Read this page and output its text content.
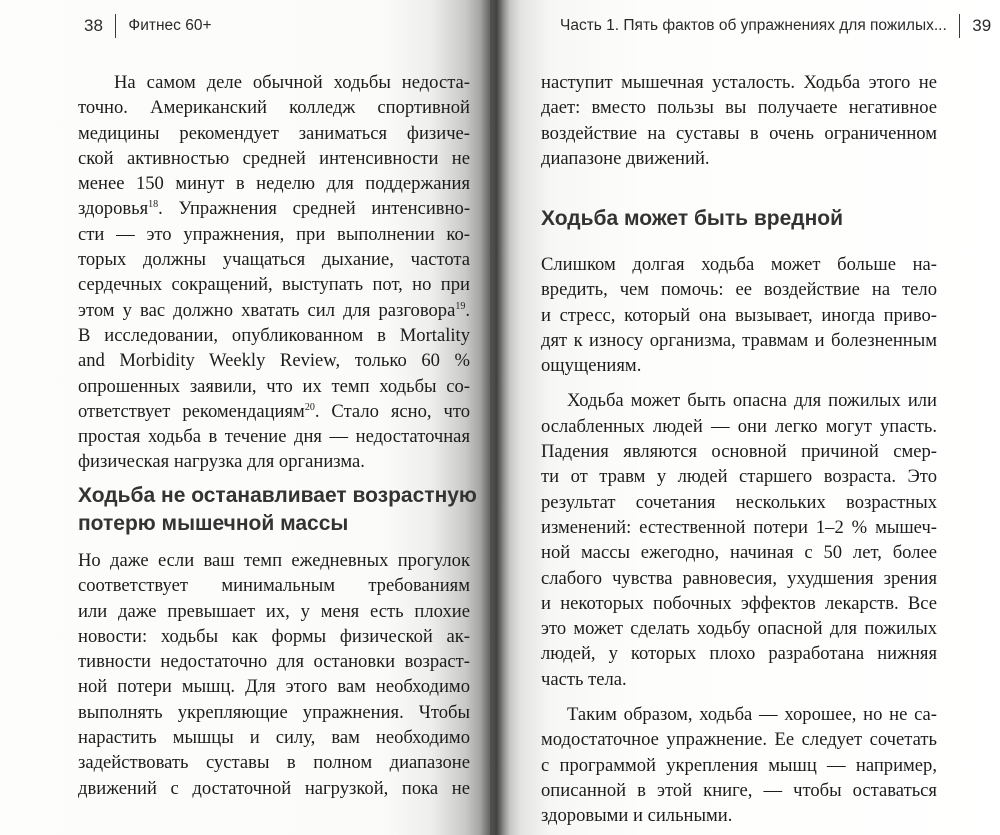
38 Фитнес 60+	Часть 1. Пять фактов об упражнениях для пожилых... 39
На самом деле обычной ходьбы недоста-
точно. Американский колледж спортивной
медицины рекомендует заниматься физиче-
ской активностью средней интенсивности не
менее 150 минут в неделю для поддержания
здоровья$^{18}$. Упражнения средней интенсивно-
сти — это упражнения, при выполнении ко-
торых должны учащаться дыхание, частота
сердечных сокращений, выступать пот, но при
этом у вас должно хватать сил для разговора$^{19}$.
В исследовании, опубликованном в Mortality
and Morbidity Weekly Review, только 60 %
опрошенных заявили, что их темп ходьбы со-
ответствует рекомендациям$^{20}$. Стало ясно, что
простая ходьба в течение дня — недостаточная
физическая нагрузка для организма.
Ходьба не останавливает возрастную
потерю мышечной массы
Но даже если ваш темп ежедневных прогулок
соответствует минимальным требованиям
или даже превышает их, у меня есть плохие
новости: ходьбы как формы физической ак-
тивности недостаточно для остановки возраст-
ной потери мышц. Для этого вам необходимо
выполнять укрепляющие упражнения. Чтобы
нарастить мышцы и силу, вам необходимо
задействовать суставы в полном диапазоне
движений с достаточной нагрузкой, пока не
наступит мышечная усталость. Ходьба этого не
дает: вместо пользы вы получаете негативное
воздействие на суставы в очень ограниченном
диапазоне движений.
Ходьба может быть вредной
Слишком долгая ходьба может больше на-
вредить, чем помочь: ее воздействие на тело
и стресс, который она вызывает, иногда приво-
дят к износу организма, травмам и болезненным
ощущениям.
Ходьба может быть опасна для пожилых или
ослабленных людей — они легко могут упасть.
Падения являются основной причиной смер-
ти от травм у людей старшего возраста. Это
результат сочетания нескольких возрастных
изменений: естественной потери 1–2 % мышеч-
ной массы ежегодно, начиная с 50 лет, более
слабого чувства равновесия, ухудшения зрения
и некоторых побочных эффектов лекарств. Все
это может сделать ходьбу опасной для пожилых
людей, у которых плохо разработана нижняя
часть тела.
Таким образом, ходьба — хорошее, но не са-
модостаточное упражнение. Ее следует сочетать
с программой укрепления мышц — например,
описанной в этой книге, — чтобы оставаться
здоровыми и сильными.
